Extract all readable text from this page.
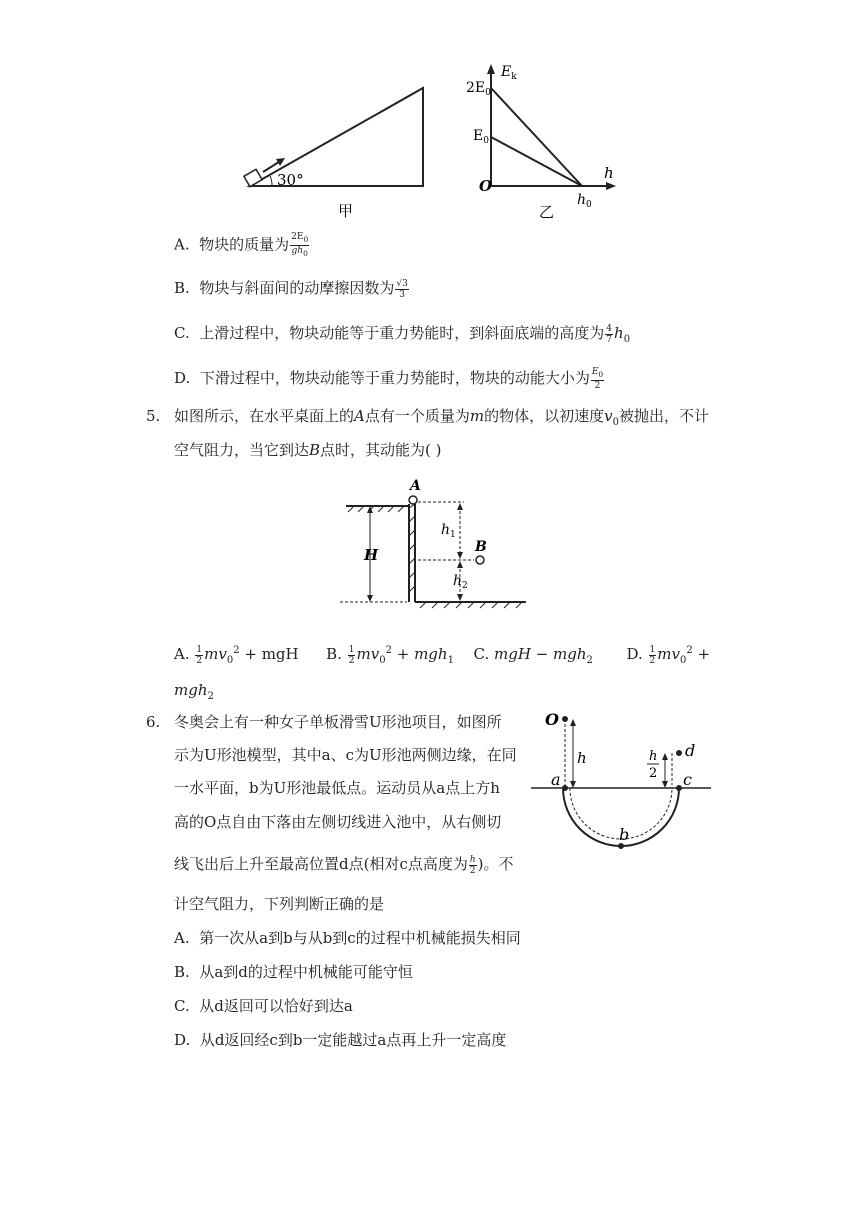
30°
甲
$E_k$
$2E_0$
$E_0$
O
h
$h_0$
乙
A. 物块的质量为 $\frac{2E_0}{gh_0}$
B. 物块与斜面间的动摩擦因数为 $\frac{√3}{3}$
C. 上滑过程中，物块动能等于重力势能时，到斜面底端的高度为 $\frac{4}{7} h_0$
D. 下滑过程中，物块动能等于重力势能时，物块的动能大小为 $\frac{E_0}{2}$
5. 如图所示，在水平桌面上的A点有一个质量为m的物体，以初速度$v_0$被抛出，不计
空气阻力，当它到达B点时，其动能为( )
A
B
H
$h_1$
$h_2$
A. $\frac{1}{2} mv_0^2$ + mgH B. $\frac{1}{2} mv_0^2 + mgh_1$ C. mgH − mgh$_2$ D. $\frac{1}{2} mv_0^2$ +
mgh$_2$
6. 冬奥会上有一种女子单板滑雪U形池项目，如图所
示为U形池模型，其中a、c为U形池两侧边缘，在同
一水平面，b为U形池最低点。运动员从a点上方h
高的O点自由下落由左侧切线进入池中，从右侧切
线飞出后上升至最高位置d点(相对c点高度为 $\frac{h}{2}$ )。不
计空气阻力，下列判断正确的是
O
h	h
2
d
a	c
b
A. 第一次从a到b与从b到c的过程中机械能损失相同
B. 从a到d的过程中机械能可能守恒
C. 从d返回可以恰好到达a
D. 从d返回经c到b一定能越过a点再上升一定高度
